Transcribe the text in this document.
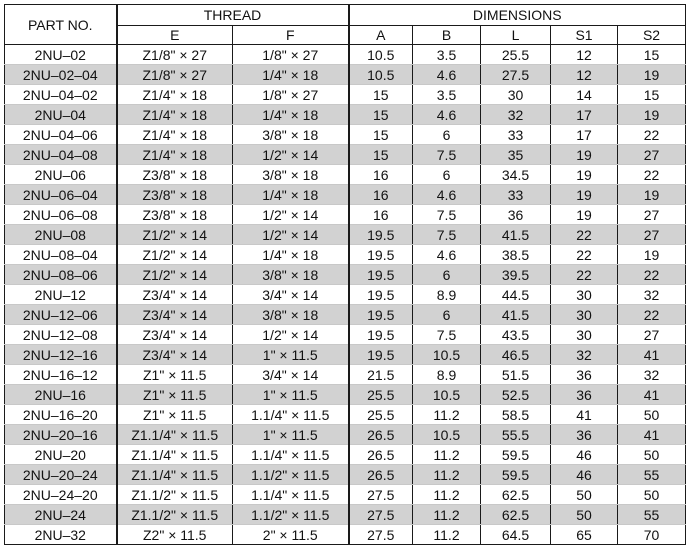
PART NO.	THREAD		DIMENSIONS				
	E	F	A	B	L	S1	S2
2NU–02	Z1/8" × 27	1/8" × 27	10.5	3.5	25.5	12	15
2NU–02–04	Z1/8" × 27	1/4" × 18	10.5	4.6	27.5	12	19
2NU–04–02	Z1/4" × 18	1/8" × 27	15	3.5	30	14	15
2NU–04	Z1/4" × 18	1/4" × 18	15	4.6	32	17	19
2NU–04–06	Z1/4" × 18	3/8" × 18	15	6	33	17	22
2NU–04–08	Z1/4" × 18	1/2" × 14	15	7.5	35	19	27
2NU–06	Z3/8" × 18	3/8" × 18	16	6	34.5	19	22
2NU–06–04	Z3/8" × 18	1/4" × 18	16	4.6	33	19	19
2NU–06–08	Z3/8" × 18	1/2" × 14	16	7.5	36	19	27
2NU–08	Z1/2" × 14	1/2" × 14	19.5	7.5	41.5	22	27
2NU–08–04	Z1/2" × 14	1/4" × 18	19.5	4.6	38.5	22	19
2NU–08–06	Z1/2" × 14	3/8" × 18	19.5	6	39.5	22	22
2NU–12	Z3/4" × 14	3/4" × 14	19.5	8.9	44.5	30	32
2NU–12–06	Z3/4" × 14	3/8" × 18	19.5	6	41.5	30	22
2NU–12–08	Z3/4" × 14	1/2" × 14	19.5	7.5	43.5	30	27
2NU–12–16	Z3/4" × 14	1" × 11.5	19.5	10.5	46.5	32	41
2NU–16–12	Z1" × 11.5	3/4" × 14	21.5	8.9	51.5	36	32
2NU–16	Z1" × 11.5	1" × 11.5	25.5	10.5	52.5	36	41
2NU–16–20	Z1" × 11.5	1.1/4" × 11.5	25.5	11.2	58.5	41	50
2NU–20–16	Z1.1/4" × 11.5	1" × 11.5	26.5	10.5	55.5	36	41
2NU–20	Z1.1/4" × 11.5	1.1/4" × 11.5	26.5	11.2	59.5	46	50
2NU–20–24	Z1.1/4" × 11.5	1.1/2" × 11.5	26.5	11.2	59.5	46	55
2NU–24–20	Z1.1/2" × 11.5	1.1/4" × 11.5	27.5	11.2	62.5	50	50
2NU–24	Z1.1/2" × 11.5	1.1/2" × 11.5	27.5	11.2	62.5	50	55
2NU–32	Z2" × 11.5	2" × 11.5	27.5	11.2	64.5	65	70
